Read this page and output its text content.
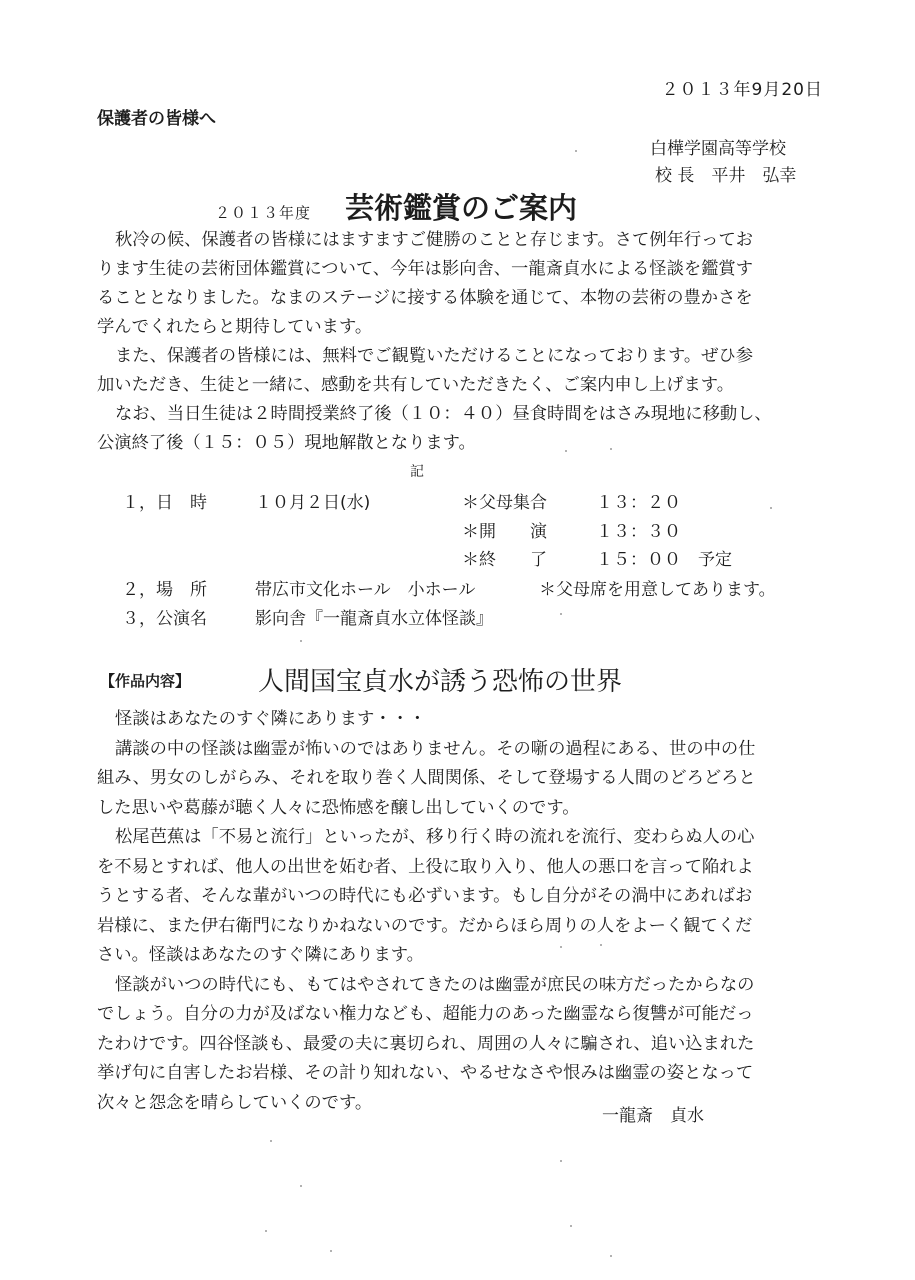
２０１３年9月20日
保護者の皆様へ
白樺学園高等学校
校 長　平井　弘幸
２０１３年度 芸術鑑賞のご案内
秋冷の候、保護者の皆様にはますますご健勝のことと存じます。さて例年行ってお
ります生徒の芸術団体鑑賞について、今年は影向舎、一龍斎貞水による怪談を鑑賞す
ることとなりました。なまのステージに接する体験を通じて、本物の芸術の豊かさを
学んでくれたらと期待しています。
また、保護者の皆様には、無料でご観覧いただけることになっております。ぜひ参
加いただき、生徒と一緒に、感動を共有していただきたく、ご案内申し上げます。
なお、当日生徒は２時間授業終了後（１０：４０）昼食時間をはさみ現地に移動し、
公演終了後（１５：０５）現地解散となります。
記
１，日　時	１０月２日(水)	＊父母集合	１３：２０
＊開　　演	１３：３０
＊終　　了	１５：００　予定
２，場　所	帯広市文化ホール　小ホール	＊父母席を用意してあります。
３，公演名	影向舎『一龍斎貞水立体怪談』
【作品内容】	人間国宝貞水が誘う恐怖の世界
怪談はあなたのすぐ隣にあります・・・
講談の中の怪談は幽霊が怖いのではありません。その噺の過程にある、世の中の仕
組み、男女のしがらみ、それを取り巻く人間関係、そして登場する人間のどろどろと
した思いや葛藤が聴く人々に恐怖感を醸し出していくのです。
松尾芭蕉は「不易と流行」といったが、移り行く時の流れを流行、変わらぬ人の心
を不易とすれば、他人の出世を妬む者、上役に取り入り、他人の悪口を言って陥れよ
うとする者、そんな輩がいつの時代にも必ずいます。もし自分がその渦中にあればお
岩様に、また伊右衛門になりかねないのです。だからほら周りの人をよーく観てくだ
さい。怪談はあなたのすぐ隣にあります。
怪談がいつの時代にも、もてはやされてきたのは幽霊が庶民の味方だったからなの
でしょう。自分の力が及ばない権力なども、超能力のあった幽霊なら復讐が可能だっ
たわけです。四谷怪談も、最愛の夫に裏切られ、周囲の人々に騙され、追い込まれた
挙げ句に自害したお岩様、その計り知れない、やるせなさや恨みは幽霊の姿となって
次々と怨念を晴らしていくのです。
一龍斎　貞水
